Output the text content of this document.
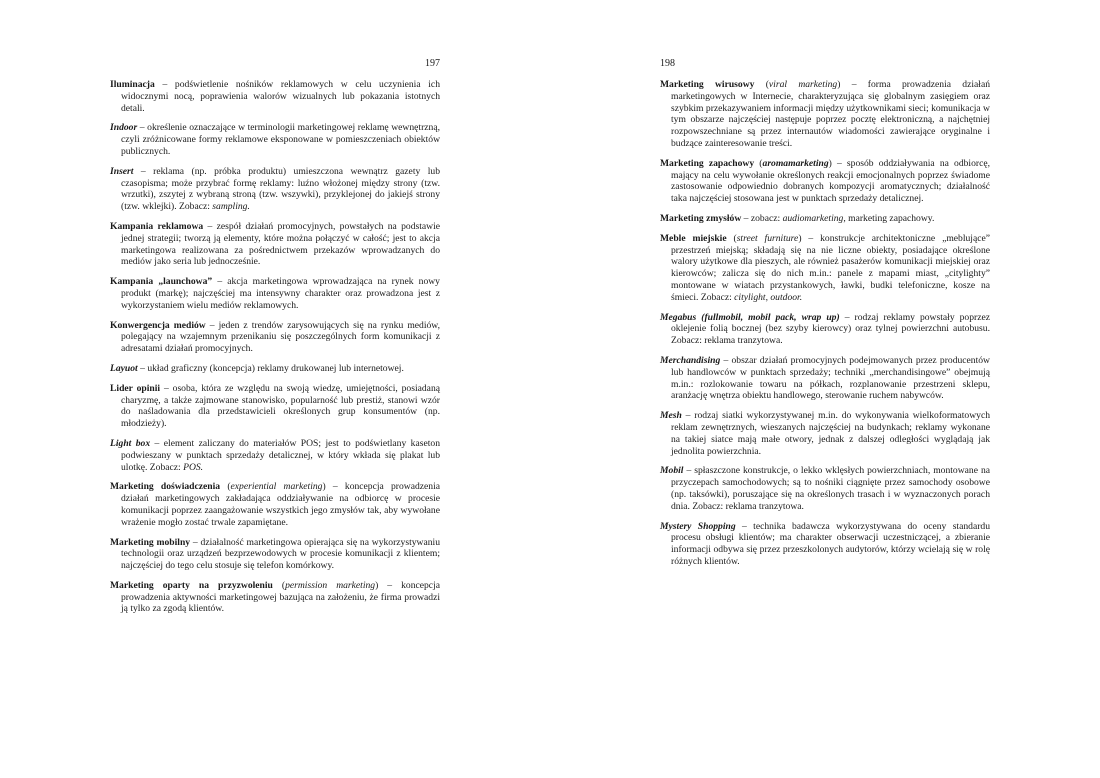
197

Iluminacja – podświetlenie nośników reklamowych w celu uczynienia ich widocznymi nocą, poprawienia walorów wizualnych lub pokazania istotnych detali.

Indoor – określenie oznaczające w terminologii marketingowej reklamę wewnętrzną, czyli zróżnicowane formy reklamowe eksponowane w pomieszczeniach obiektów publicznych.

Insert – reklama (np. próbka produktu) umieszczona wewnątrz gazety lub czasopisma; może przybrać formę reklamy: luźno włożonej między strony (tzw. wrzutki), zszytej z wybraną stroną (tzw. wszywki), przyklejonej do jakiejś strony (tzw. wklejki). Zobacz: sampling.

Kampania reklamowa – zespół działań promocyjnych, powstałych na podstawie jednej strategii; tworzą ją elementy, które można połączyć w całość; jest to akcja marketingowa realizowana za pośrednictwem przekazów wprowadzanych do mediów jako seria lub jednocześnie.

Kampania „launchowa” – akcja marketingowa wprowadzająca na rynek nowy produkt (markę); najczęściej ma intensywny charakter oraz prowadzona jest z wykorzystaniem wielu mediów reklamowych.

Konwergencja mediów – jeden z trendów zarysowujących się na rynku mediów, polegający na wzajemnym przenikaniu się poszczególnych form komunikacji z adresatami działań promocyjnych.

Layuot – układ graficzny (koncepcja) reklamy drukowanej lub internetowej.

Lider opinii – osoba, która ze względu na swoją wiedzę, umiejętności, posiadaną charyzmę, a także zajmowane stanowisko, popularność lub prestiż, stanowi wzór do naśladowania dla przedstawicieli określonych grup konsumentów (np. młodzieży).

Light box – element zaliczany do materiałów POS; jest to podświetlany kaseton podwieszany w punktach sprzedaży detalicznej, w który wkłada się plakat lub ulotkę. Zobacz: POS.

Marketing doświadczenia (experiential marketing) – koncepcja prowadzenia działań marketingowych zakładająca oddziaływanie na odbiorcę w procesie komunikacji poprzez zaangażowanie wszystkich jego zmysłów tak, aby wywołane wrażenie mogło zostać trwale zapamiętane.

Marketing mobilny – działalność marketingowa opierająca się na wykorzystywaniu technologii oraz urządzeń bezprzewodowych w procesie komunikacji z klientem; najczęściej do tego celu stosuje się telefon komórkowy.

Marketing oparty na przyzwoleniu (permission marketing) – koncepcja prowadzenia aktywności marketingowej bazująca na założeniu, że firma prowadzi ją tylko za zgodą klientów.

198

Marketing wirusowy (viral marketing) – forma prowadzenia działań marketingowych w Internecie, charakteryzująca się globalnym zasięgiem oraz szybkim przekazywaniem informacji między użytkownikami sieci; komunikacja w tym obszarze najczęściej następuje poprzez pocztę elektroniczną, a najchętniej rozpowszechniane są przez internautów wiadomości zawierające oryginalne i budzące zainteresowanie treści.

Marketing zapachowy (aromamarketing) – sposób oddziaływania na odbiorcę, mający na celu wywołanie określonych reakcji emocjonalnych poprzez świadome zastosowanie odpowiednio dobranych kompozycji aromatycznych; działalność taka najczęściej stosowana jest w punktach sprzedaży detalicznej.

Marketing zmysłów – zobacz: audiomarketing, marketing zapachowy.

Meble miejskie (street furniture) – konstrukcje architektoniczne „meblujące” przestrzeń miejską; składają się na nie liczne obiekty, posiadające określone walory użytkowe dla pieszych, ale również pasażerów komunikacji miejskiej oraz kierowców; zalicza się do nich m.in.: panele z mapami miast, „citylighty” montowane w wiatach przystankowych, ławki, budki telefoniczne, kosze na śmieci. Zobacz: citylight, outdoor.

Megabus (fullmobil, mobil pack, wrap up) – rodzaj reklamy powstały poprzez oklejenie folią bocznej (bez szyby kierowcy) oraz tylnej powierzchni autobusu. Zobacz: reklama tranzytowa.

Merchandising – obszar działań promocyjnych podejmowanych przez producentów lub handlowców w punktach sprzedaży; techniki „merchandisingowe” obejmują m.in.: rozlokowanie towaru na półkach, rozplanowanie przestrzeni sklepu, aranżację wnętrza obiektu handlowego, sterowanie ruchem nabywców.

Mesh – rodzaj siatki wykorzystywanej m.in. do wykonywania wielkoformatowych reklam zewnętrznych, wieszanych najczęściej na budynkach; reklamy wykonane na takiej siatce mają małe otwory, jednak z dalszej odległości wyglądają jak jednolita powierzchnia.

Mobil – spłaszczone konstrukcje, o lekko wklęsłych powierzchniach, montowane na przyczepach samochodowych; są to nośniki ciągnięte przez samochody osobowe (np. taksówki), poruszające się na określonych trasach i w wyznaczonych porach dnia. Zobacz: reklama tranzytowa.

Mystery Shopping – technika badawcza wykorzystywana do oceny standardu procesu obsługi klientów; ma charakter obserwacji uczestniczącej, a zbieranie informacji odbywa się przez przeszkolonych audytorów, którzy wcielają się w rolę różnych klientów.
